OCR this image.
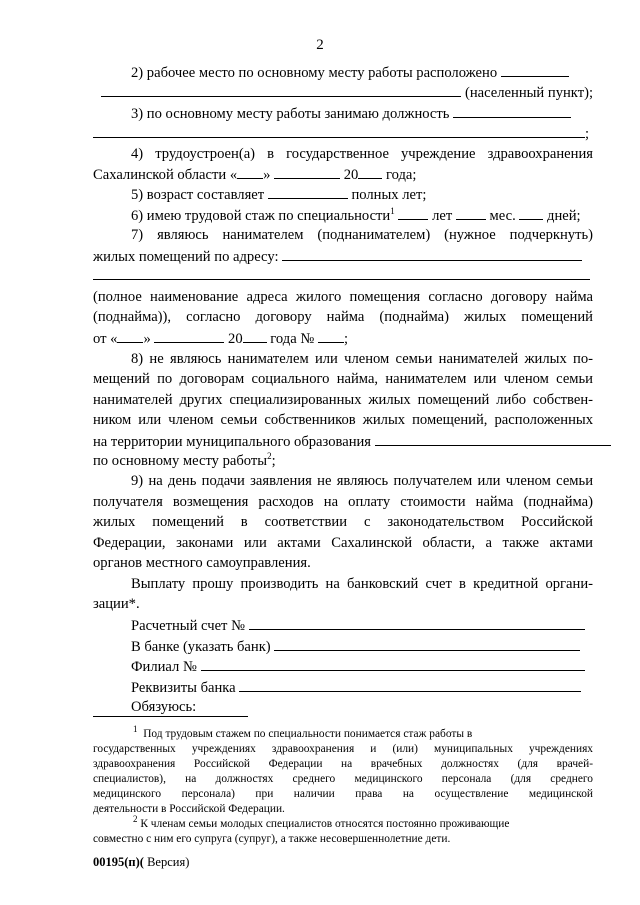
2
2) рабочее место по основному месту работы расположено
(населенный пункт);
3) по основному месту работы занимаю должность
;
4) трудоустроен(а) в государственное учреждение здравоохранения
Сахалинской области « »	20 года;
5) возраст составляет	полных лет;
6) имею трудовой стаж по специальности$^1$	лет	мес. дней;
7) являюсь нанимателем (поднанимателем) (нужное подчеркнуть)
жилых помещений по адресу:
(полное наименование адреса жилого помещения согласно договору найма
(поднайма)), согласно договору найма (поднайма) жилых помещений
от « »	20 года № ;
8) не являюсь нанимателем или членом семьи нанимателей жилых по-
мещений по договорам социального найма, нанимателем или членом семьи
нанимателей других специализированных жилых помещений либо собствен-
ником или членом семьи собственников жилых помещений, расположенных
на территории муниципального образования
по основному месту работы$^2$;
9) на день подачи заявления не являюсь получателем или членом семьи
получателя возмещения расходов на оплату стоимости найма (поднайма)
жилых помещений в соответствии с законодательством Российской
Федерации, законами или актами Сахалинской области, а также актами
органов местного самоуправления.
Выплату прошу производить на банковский счет в кредитной органи-
зации*.
Расчетный счет №
В банке (указать банк)
Филиал №
Реквизиты банка
Обязуюсь:
$^1$ Под трудовым стажем по специальности понимается стаж работы в
государственных учреждениях здравоохранения и (или) муниципальных учреждениях
здравоохранения Российской Федерации на врачебных должностях (для врачей-
специалистов), на должностях среднего медицинского персонала (для среднего
медицинского персонала) при наличии права на осуществление медицинской
деятельности в Российской Федерации.
$^2$ К членам семьи молодых специалистов относятся постоянно проживающие
совместно с ним его супруга (супруг), а также несовершеннолетние дети.
00195(п)( Версия)
